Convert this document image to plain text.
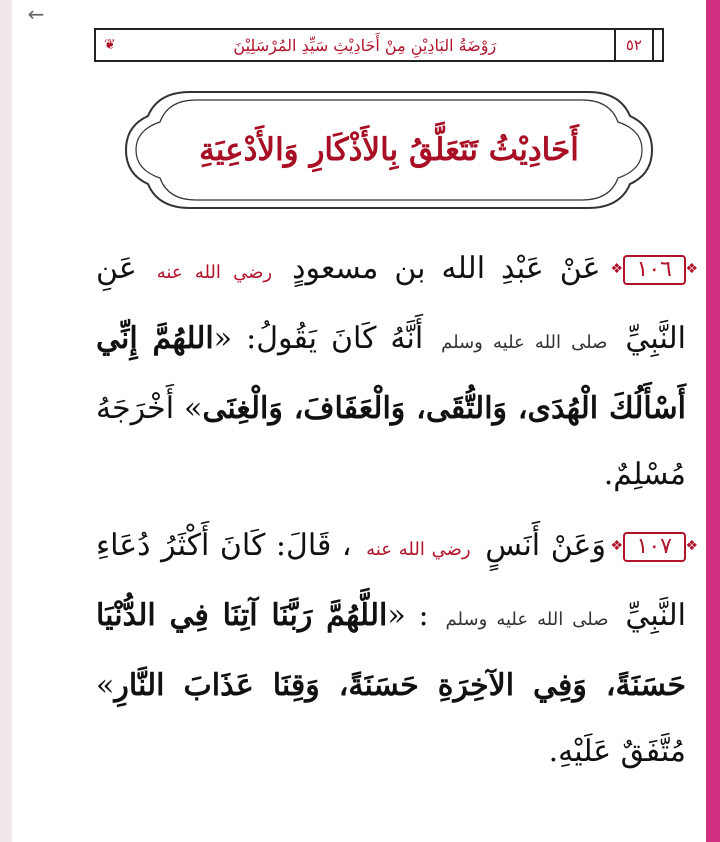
←
❦	رَوْضَةُ البَادِيْنِ مِنْ أَحَادِيْثِ سَيِّدِ المُرْسَلِيْنَ	٥٢
أَحَادِيْثُ تَتَعَلَّقُ بِالأَذْكَارِ وَالأَدْعِيَةِ
❖ ١٠٦ ❖ عَنْ عَبْدِ الله بن مسعودٍ رضي الله عنه عَنِ النَّبِيِّ صلى الله عليه وسلم أَنَّهُ كَانَ يَقُولُ: «اللهُمَّ إِنِّي أَسْأَلُكَ الْهُدَى، وَالتُّقَى، وَالْعَفَافَ، وَالْغِنَى» أَخْرَجَهُ مُسْلِمٌ.
❖ ١٠٧ ❖ وَعَنْ أَنَسٍ رضي الله عنه ، قَالَ: كَانَ أَكْثَرُ دُعَاءِ النَّبِيِّ صلى الله عليه وسلم : «اللَّهُمَّ رَبَّنَا آتِنَا فِي الدُّنْيَا حَسَنَةً، وَفِي الآخِرَةِ حَسَنَةً، وَقِنَا عَذَابَ النَّارِ» مُتَّفَقٌ عَلَيْهِ.
